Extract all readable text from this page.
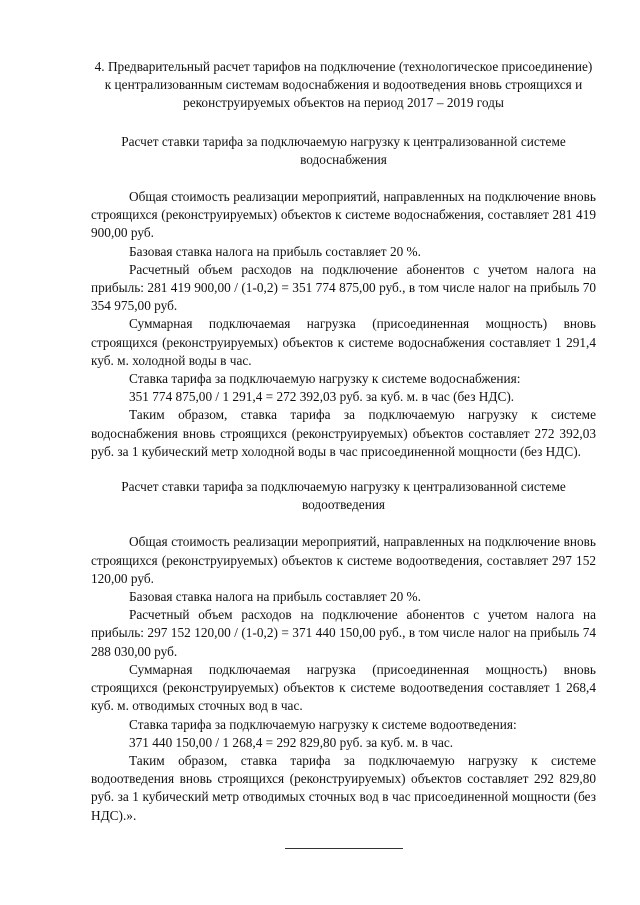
4. Предварительный расчет тарифов на подключение (технологическое присоединение) к централизованным системам водоснабжения и водоотведения вновь строящихся и реконструируемых объектов на период 2017 – 2019 годы

Расчет ставки тарифа за подключаемую нагрузку к централизованной системе водоснабжения

Общая стоимость реализации мероприятий, направленных на подключение вновь строящихся (реконструируемых) объектов к системе водоснабжения, составляет 281 419 900,00 руб.

Базовая ставка налога на прибыль составляет 20 %.

Расчетный объем расходов на подключение абонентов с учетом налога на прибыль: 281 419 900,00 / (1-0,2) = 351 774 875,00 руб., в том числе налог на прибыль 70 354 975,00 руб.

Суммарная подключаемая нагрузка (присоединенная мощность) вновь строящихся (реконструируемых) объектов к системе водоснабжения составляет 1 291,4 куб. м. холодной воды в час.

Ставка тарифа за подключаемую нагрузку к системе водоснабжения:

351 774 875,00 / 1 291,4 = 272 392,03 руб. за куб. м. в час (без НДС).

Таким образом, ставка тарифа за подключаемую нагрузку к системе водоснабжения вновь строящихся (реконструируемых) объектов составляет 272 392,03 руб. за 1 кубический метр холодной воды в час присоединенной мощности (без НДС).

Расчет ставки тарифа за подключаемую нагрузку к централизованной системе водоотведения

Общая стоимость реализации мероприятий, направленных на подключение вновь строящихся (реконструируемых) объектов к системе водоотведения, составляет 297 152 120,00 руб.

Базовая ставка налога на прибыль составляет 20 %.

Расчетный объем расходов на подключение абонентов с учетом налога на прибыль: 297 152 120,00 / (1-0,2) = 371 440 150,00 руб., в том числе налог на прибыль 74 288 030,00 руб.

Суммарная подключаемая нагрузка (присоединенная мощность) вновь строящихся (реконструируемых) объектов к системе водоотведения составляет 1 268,4 куб. м. отводимых сточных вод в час.

Ставка тарифа за подключаемую нагрузку к системе водоотведения:

371 440 150,00 / 1 268,4 = 292 829,80 руб. за куб. м. в час.

Таким образом, ставка тарифа за подключаемую нагрузку к системе водоотведения вновь строящихся (реконструируемых) объектов составляет 292 829,80 руб. за 1 кубический метр отводимых сточных вод в час присоединенной мощности (без НДС).».
